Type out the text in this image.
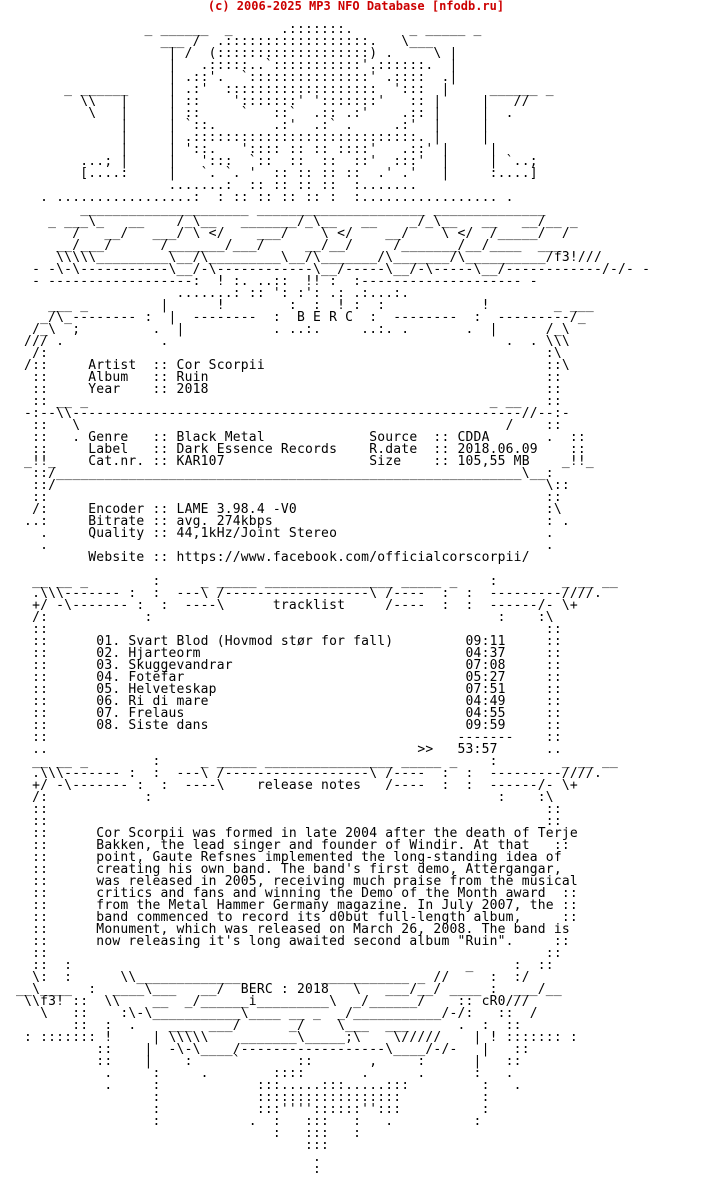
(c) 2006-2025 MP3 NFO Database [nfodb.ru]
_ ______  _      .:::::::.       _ _____ _
___ /  .::::::::::::::::::.   \___
| /  (:::::::::::::::::::) .     \ |
|   .:::::..`:::::::::::'.::::::.  |
| .::'.  `:::::::::::::::' .::::  .|
_ ______     | .:'  :::::::::::::::::::  ':::  |     ______ _
\\   |     | ::    ':::::::' ':::::::'   :: |     |   //
\   |     | ::     `   ::`  .:: .:'    .:: |     |  .
|     | `::.       .:'  .:` .     .:'  |     |
|     | .::::::::::::::::::::::::::::. |     |
|     | '::.   ':::: :: :: ::::'   .::' |     |
...; |     |   ':::  `::  ::  ::  ::'  :::'  |     | `..;
[....:     |   `. `. '  :: :: :: ::  .' .'   |     :....]
.......:  :: :: :: ::  :.......
. .................:  : :: :: :: :: :  :................. .
_____________________ _____________________ ______________
_ ___\_   __    /_\__   _______/_\__   __    _/_\__   __   __/__ _
/   __/   ___/ \ </    ___/    \ </    __/    \ </  /_____/  /
__/___/      /_______/___/     __/__/     /_______/__/____  ___
\\\\\_________\__/\_________\__/\_______/\_______/\__________/f3!///
- -\-\-----------\__/-\------------\__/-----\__/-\-----\__/------------/-/- -
- ------------------:  ! :. ..::  !! :  :-------------------- -
.......: :: ': :': .: .:...:.
___ _         |      !        :  :  ! :  :            !        _ ___
_/\_-------- :  |  --------  :  B E R C  :  --------  :  ---------/_
/_\  ;         .  |           . ..:.     ..:. .       .  |      /_\
/// .            .                                          .  . \\\
/:                                                              :\
/::     Artist  :: Cor Scorpii                                   ::\
::     Album   :: Ruin                                          ::
::     Year    :: 2018                                          ::
:: __ _                                                  _ __   ::
-:--\\--------------------------------------------------------//--:-
::   \                                                     /    ::
::   . Genre   :: Black Metal             Source  :: CDDA       .  ::
::     Label   :: Dark Essence Records    R.date  :: 2018.06.09    ::
_!!_    Cat.nr. :: KAR107                  Size    :: 105,55 MB    _!!_
::/__________________________________________________________\__:
::/                                                             \::
::                                                              ::
/:     Encoder :: LAME 3.98.4 -V0                               :\
..:     Bitrate :: avg. 274kbps                                  : .
.     Quality :: 44,1kHz/Joint Stereo                          .
.                                                              .
Website :: https://www.facebook.com/officialcorscorpii/

__ __ _        :     _ _____ ________________ _____ _    :        _ __ __
.\\\------- :  :  ---\ /------------------\ /----  :  :  ---------////.
+/ -\------- :  :  ----\      tracklist     /----  :  :  ------/- \+
/:            :                                           :    :\
::                                                              ::
::      01. Svart Blod (Hovmod stør for fall)         09:11     ::
::      02. Hjarteorm                                 04:37     ::
::      03. Skuggevandrar                             07:08     ::
::      04. Fotefar                                   05:27     ::
::      05. Helveteskap                               07:51     ::
::      06. Ri di mare                                04:49     ::
::      07. Frelaus                                   04:55     ::
::      08. Siste dans                                09:59     ::
::                                                   -------    ::
..                                              >>   53:57      ..
__ __ _        :     _ _____ ________________ _____ _    :        _ __ __
.\\\------- :  :  ---\ /------------------\ /----  :  :  ---------////.
+/ -\------- :  :  ----\    release notes   /----  :  :  ------/- \+
/:            :                                           :    :\
::                                                              ::
::                                                              ::
::      Cor Scorpii was formed in late 2004 after the death of Terje
::      Bakken, the lead singer and founder of Windir. At that   ::
::      point, Gaute Refsnes implemented the long-standing idea of
::      creating his own band. The band's first demo, Attergangar,
::      was released in 2005, receiving much praise from the musical
::      critics and fans and winning the Demo of the Month award  ::
::      from the Metal Hammer Germany magazine. In July 2007, the ::
::      band commenced to record its d0but full-length album,     ::
::      Monument, which was released on March 26, 2008. The band is
::      now releasing it's long awaited second album "Ruin".     ::
::                                                              ::
::  :                                                 _     :  ::
\:  :      \\_____________          ___________ _ //     :  :/
__\____  :  ____\___   __/  BERC : 2018   \   ___/__/ ____ :  ___/__
\\f3! ::  \\    __  _/______i_________\  _/______/    :: cR0///
\   ::    :\-\___________\____ __ _  _/___________/-/:   ::  /
::  :  .    ___  ___/      _/    \___  ___      .  :  ::
: ::::::: !     | \\\\\    _______\_____;\    \/////    | ! ::::::: :
::    |  -\-\____/------------------\____/-/-   |   ::
::    |    :     `       ::       ,     :      |   ::
.     :     .        ::::       .      .      :   .
.     :            :::.....:::.....:::         :   .
:            ::::::::::::::::::          :
:            :::''''::::::'':::          :
:           .  :   :::   :   .          :
:   :::   :
:::
.
:
